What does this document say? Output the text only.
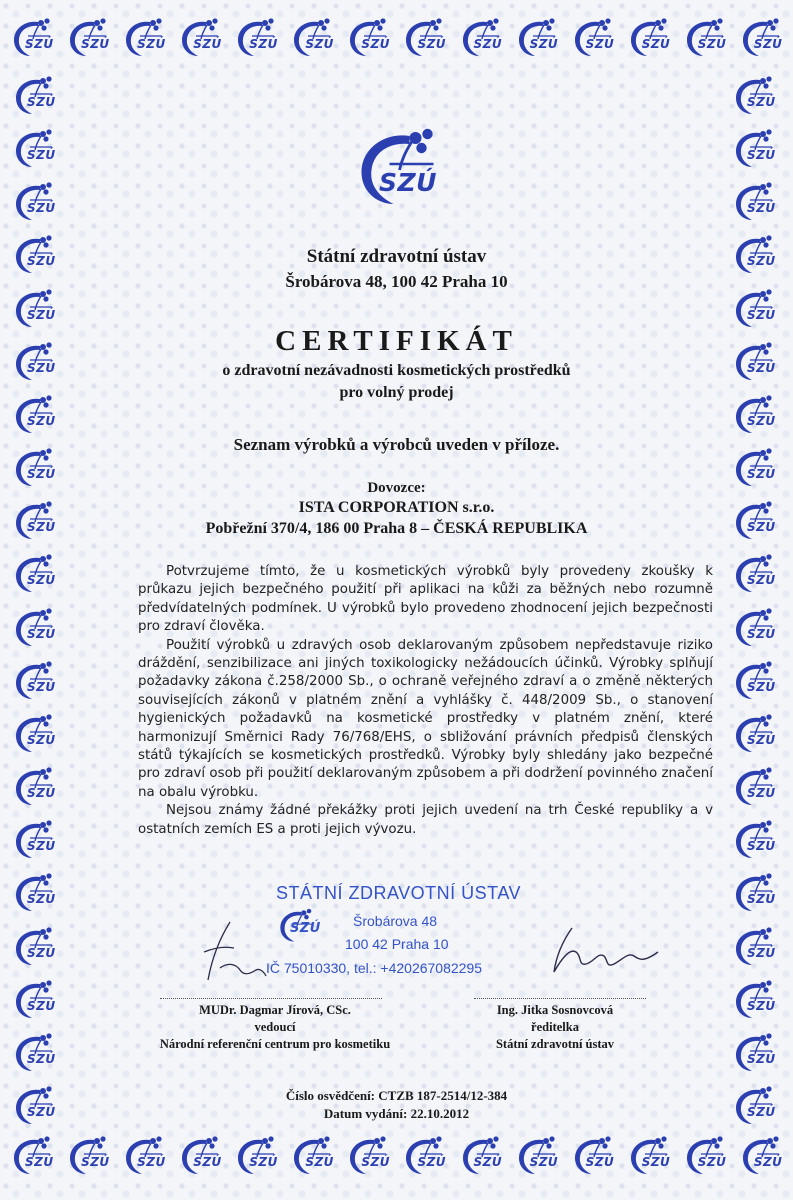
SZÚ SZÚ SZÚ SZÚ SZÚ SZÚ SZÚ SZÚ SZÚ SZÚ SZÚ SZÚ SZÚ SZÚ
SZÚ SZÚ SZÚ SZÚ SZÚ SZÚ SZÚ SZÚ SZÚ SZÚ SZÚ SZÚ SZÚ SZÚ
SZÚ
SZÚ
SZÚ
SZÚ
SZÚ
SZÚ
SZÚ
SZÚ
SZÚ
SZÚ
SZÚ
SZÚ
SZÚ
SZÚ
SZÚ
SZÚ
SZÚ
SZÚ
SZÚ
SZÚ
SZÚ
SZÚ
SZÚ
SZÚ
SZÚ
SZÚ
SZÚ
SZÚ
SZÚ
SZÚ
SZÚ
SZÚ
SZÚ
SZÚ
SZÚ
SZÚ
SZÚ
SZÚ
SZÚ
SZÚ
SZÚ
Státní zdravotní ústav
Šrobárova 48, 100 42 Praha 10
CERTIFIKÁT
o zdravotní nezávadnosti kosmetických prostředků
pro volný prodej
Seznam výrobků a výrobců uveden v příloze.
Dovozce:
ISTA CORPORATION s.r.o.
Pobřežní 370/4, 186 00 Praha 8 – ČESKÁ REPUBLIKA

Potvrzujeme tímto, že u kosmetických výrobků byly provedeny zkoušky k průkazu jejich bezpečného použití při aplikaci na kůži za běžných nebo rozumně předvídatelných podmínek. U výrobků bylo provedeno zhodnocení jejich bezpečnosti pro zdraví člověka.

Použití výrobků u zdravých osob deklarovaným způsobem nepředstavuje riziko dráždění, senzibilizace ani jiných toxikologicky nežádoucích účinků. Výrobky splňují požadavky zákona č.258/2000 Sb., o ochraně veřejného zdraví a o změně některých souvisejících zákonů v platném znění a vyhlášky č. 448/2009 Sb., o stanovení hygienických požadavků na kosmetické prostředky v platném znění, které harmonizují Směrnici Rady 76/768/EHS, o sbližování právních předpisů členských států týkajících se kosmetických prostředků. Výrobky byly shledány jako bezpečné pro zdraví osob při použití deklarovaným způsobem a při dodržení povinného značení na obalu výrobku.

Nejsou známy žádné překážky proti jejich uvedení na trh České republiky a v ostatních zemích ES a proti jejich vývozu.

STÁTNÍ ZDRAVOTNÍ ÚSTAV
SZÚ Šrobárova 48
100 42 Praha 10
IČ 75010330, tel.: +420267082295
MUDr. Dagmar Jírová, CSc.
vedoucí
Národní referenční centrum pro kosmetiku
Ing. Jitka Sosnovcová
ředitelka
Státní zdravotní ústav
Číslo osvědčení: CTZB 187-2514/12-384
Datum vydání: 22.10.2012
